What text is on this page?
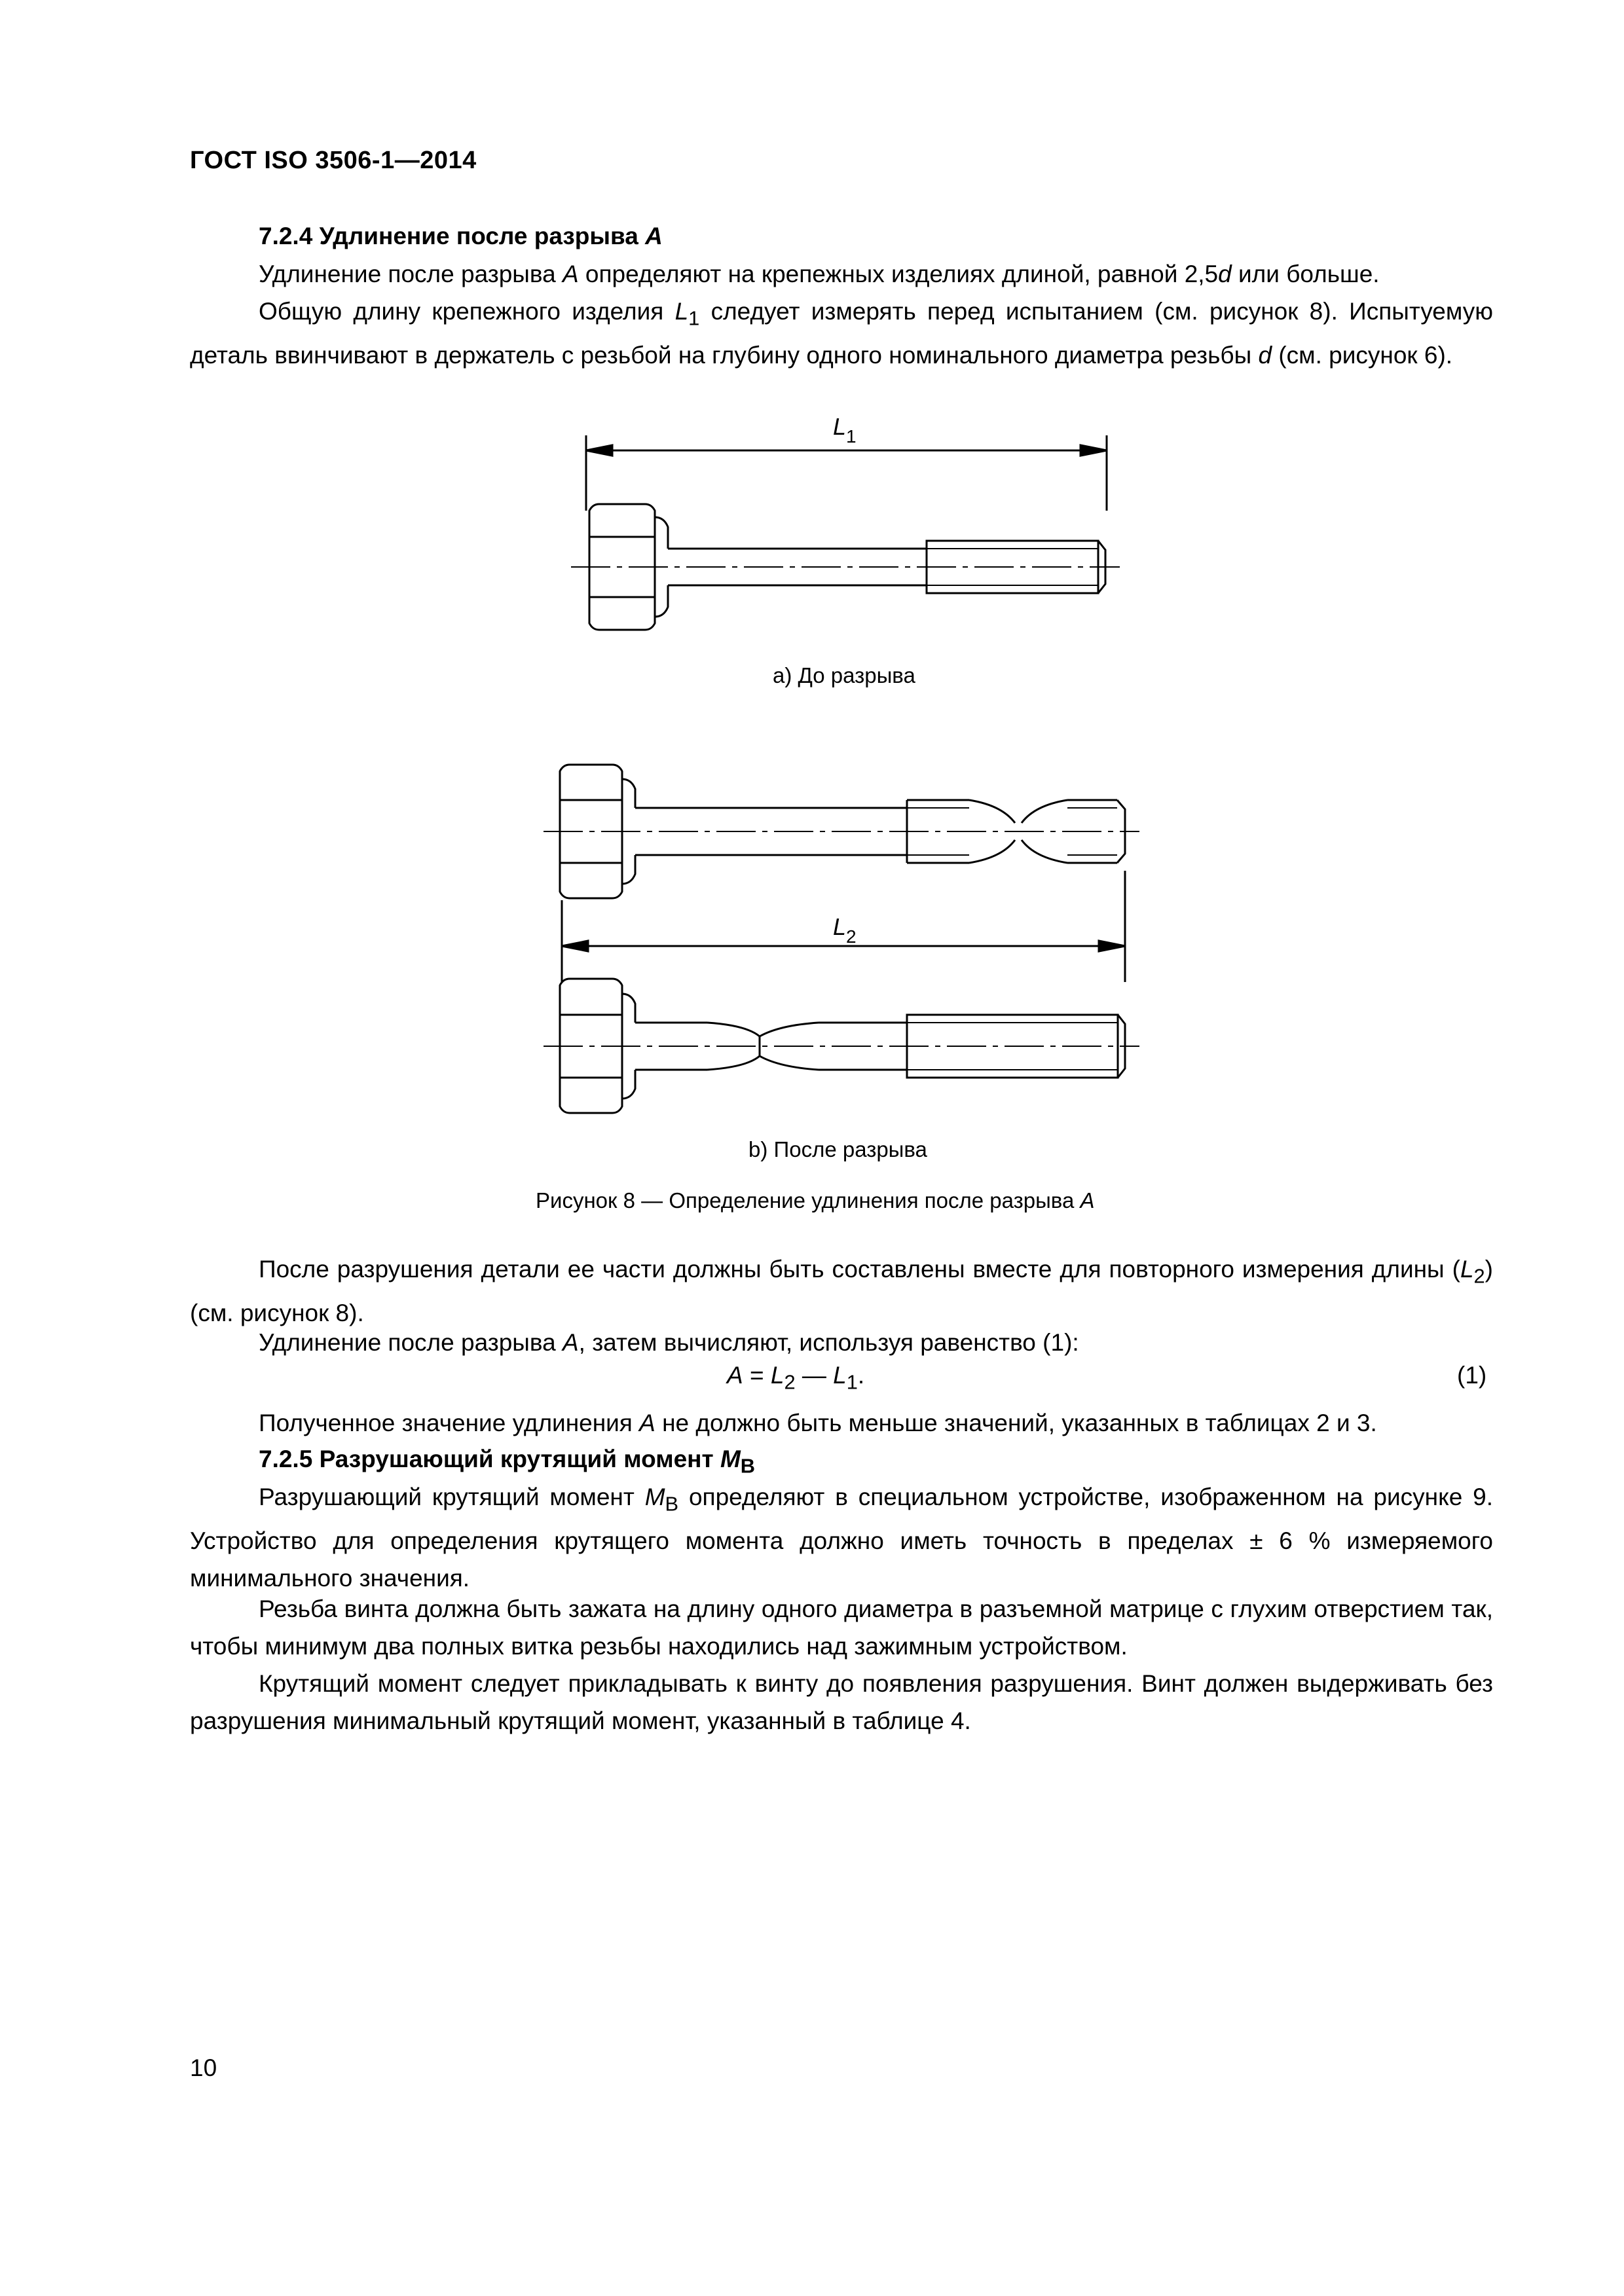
ГОСТ ISO 3506-1—2014
7.2.4 Удлинение после разрыва A
Удлинение после разрыва A определяют на крепежных изделиях длиной, равной 2,5d или больше.
Общую длину крепежного изделия $L_1$ следует измерять перед испытанием (см. рисунок 8). Испытуемую деталь ввинчивают в держатель с резьбой на глубину одного номинального диаметра резьбы d (см. рисунок 6).
$L_1$
$L_2$
a) До разрыва
b) После разрыва
Рисунок 8 — Определение удлинения после разрыва A
После разрушения детали ее части должны быть составлены вместе для повторного измерения длины $(L_2)$ (см. рисунок 8).
Удлинение после разрыва A, затем вычисляют, используя равенство (1):
$A = L_2$ — $L_1$.	(1)
Полученное значение удлинения A не должно быть меньше значений, указанных в таблицах 2 и 3.
7.2.5 Разрушающий крутящий момент $M_B$
Разрушающий крутящий момент $M_B$ определяют в специальном устройстве, изображенном на рисунке 9. Устройство для определения крутящего момента должно иметь точность в пределах ± 6 % измеряемого минимального значения.
Резьба винта должна быть зажата на длину одного диаметра в разъемной матрице с глухим отверстием так, чтобы минимум два полных витка резьбы находились над зажимным устройством.
Крутящий момент следует прикладывать к винту до появления разрушения. Винт должен выдерживать без разрушения минимальный крутящий момент, указанный в таблице 4.
10
